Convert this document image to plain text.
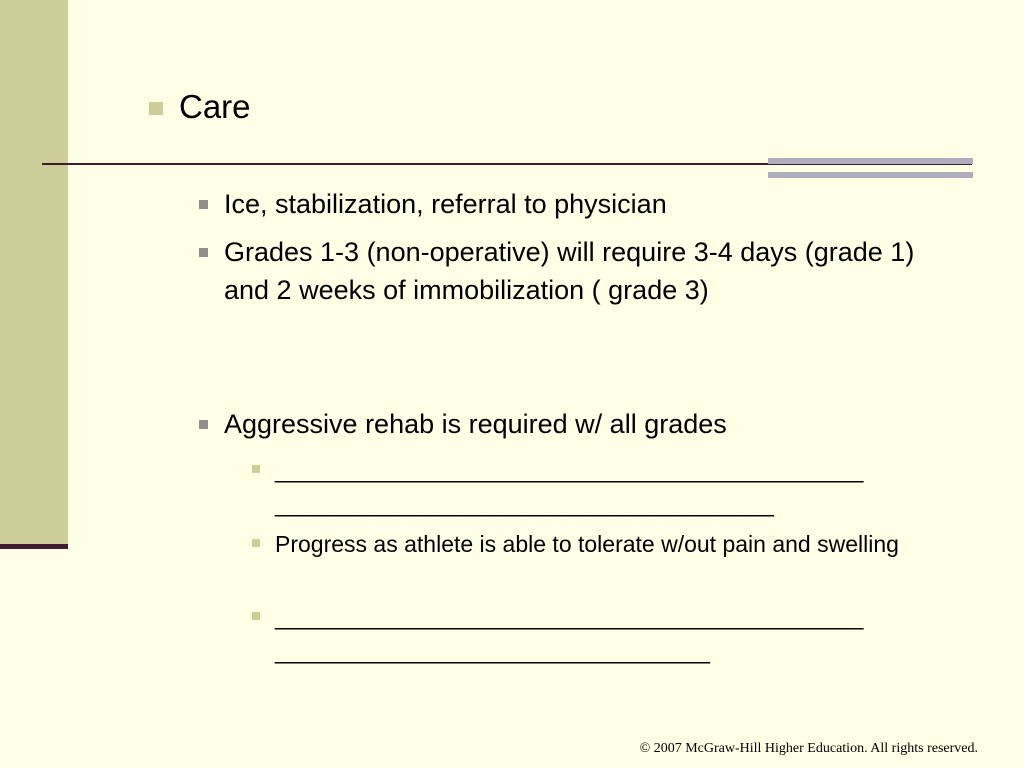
Care
Ice, stabilization, referral to physician
Grades 1-3 (non-operative) will require 3-4 days (grade 1) and 2 weeks of immobilization ( grade 3)
Aggressive rehab is required w/ all grades
______________________________________________ _______________________________________
Progress as athlete is able to tolerate w/out pain and swelling
______________________________________________ __________________________________
© 2007 McGraw-Hill Higher Education. All rights reserved.
